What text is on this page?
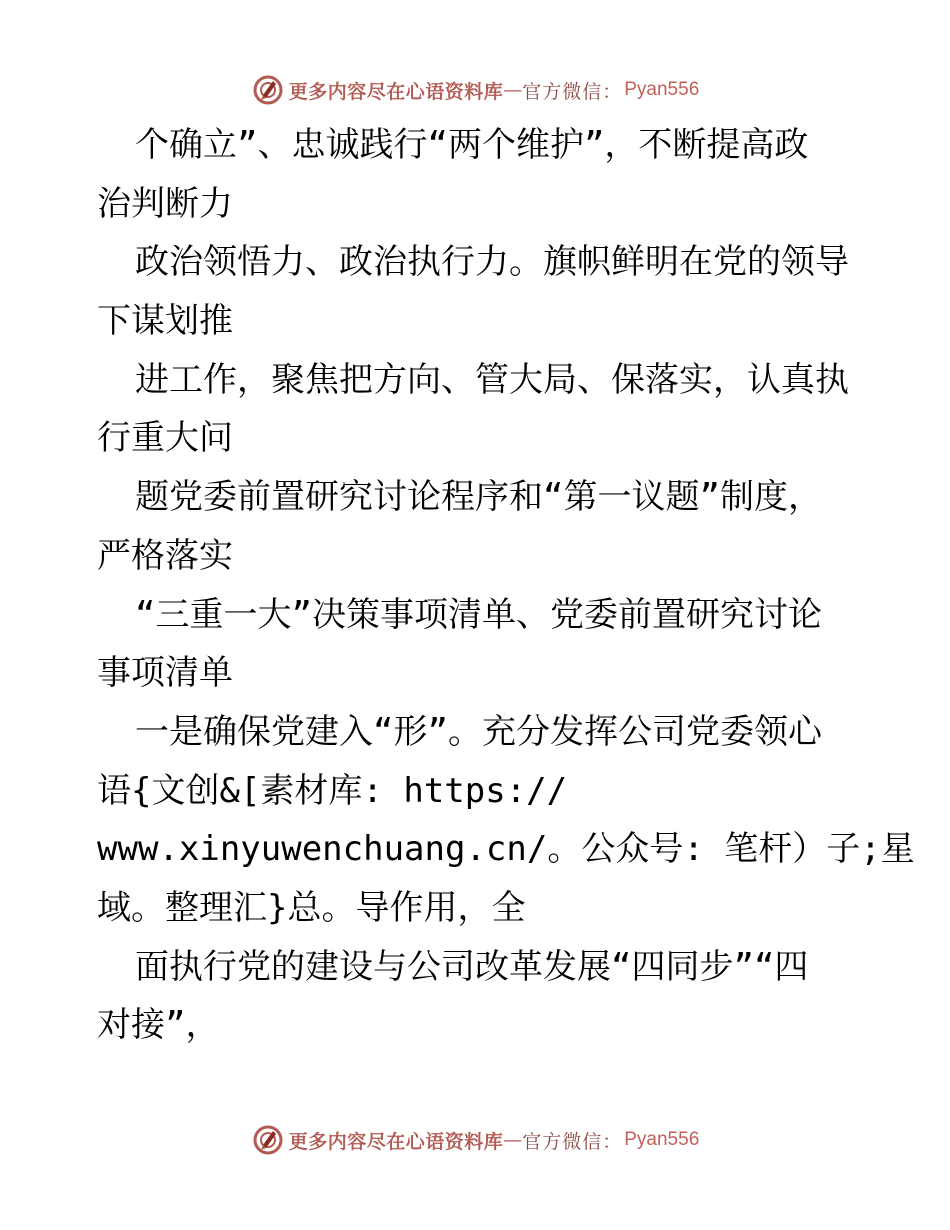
更多内容尽在心语资料库 — 官方微信： Pyan556
个确立”、忠诚践行“两个维护”，不断提高政
治判断力
政治领悟力、政治执行力。旗帜鲜明在党的领导
下谋划推
进工作，聚焦把方向、管大局、保落实，认真执
行重大问
题党委前置研究讨论程序和“第一议题”制度，
严格落实
“三重一大”决策事项清单、党委前置研究讨论
事项清单
一是确保党建入“形”。充分发挥公司党委领心
语{文创&[素材库: https://
www.xinyuwenchuang.cn/。公众号: 笔杆）子;星
域。整理汇}总。导作用，全
面执行党的建设与公司改革发展“四同步”“四
对接”，
更多内容尽在心语资料库 — 官方微信： Pyan556
